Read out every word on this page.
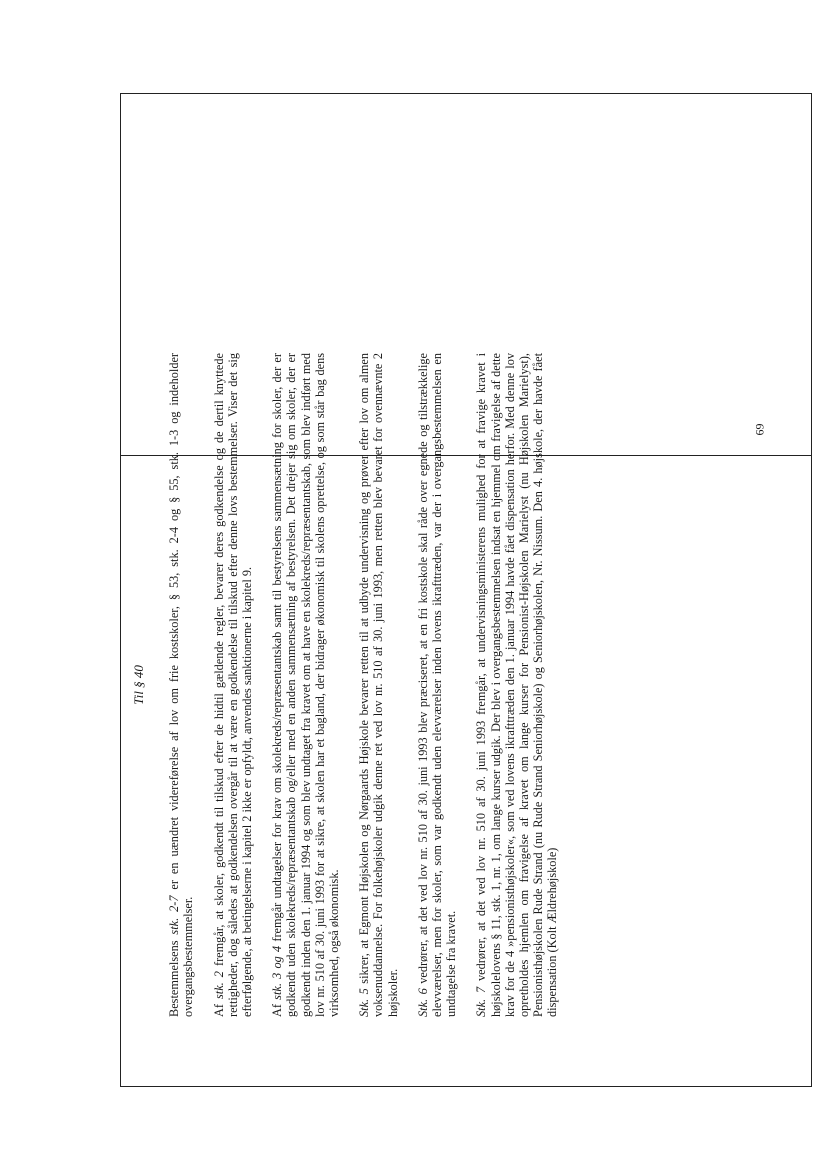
Til § 40
Bestemmelsens stk. 2-7 er en uændret videreførelse af lov om frie kostskoler, § 53, stk. 2-4 og § 55, stk. 1-3 og indeholder overgangsbestemmelser. Af stk. 2 fremgår, at skoler, godkendt til tilskud efter de hidtil gældende regler, bevarer deres godkendelse og de dertil knyttede rettigheder, dog således at godkendelsen overgår til at være en godkendelse til tilskud efter denne lovs bestemmelser. Viser det sig efterfølgende, at betingelserne i kapitel 2 ikke er opfyldt, anvendes sanktionerne i kapitel 9. Af stk. 3 og 4 fremgår undtagelser for krav om skolekreds/repræsentantskab samt til bestyrelsens sammensætning for skoler, der er godkendt uden skolekreds/repræsentantskab og/eller med en anden sammensætning af bestyrelsen. Det drejer sig om skoler, der er godkendt inden den 1. januar 1994 og som blev undtaget fra kravet om at have en skolekreds/repræsentantskab, som blev indført med lov nr. 510 af 30. juni 1993 for at sikre, at skolen har et bagland, der bidrager økonomisk til skolens oprettelse, og som står bag dens virksomhed, også økonomisk. Stk. 5 sikrer, at Egmont Højskolen og Nørgaards Højskole bevarer retten til at udbyde undervisning og prøver efter lov om almen voksenuddannelse. For folkehøjskoler udgik denne ret ved lov nr. 510 af 30. juni 1993, men retten blev bevaret for ovennævnte 2 højskoler. Stk. 6 vedrører, at det ved lov nr. 510 af 30. juni 1993 blev præciseret, at en fri kostskole skal råde over egnede og tilstrækkelige elevværelser, men for skoler, som var godkendt uden elevværelser inden lovens ikrafttræden, var der i overgangsbestemmelsen en undtagelse fra kravet. Stk. 7 vedrører, at det ved lov nr. 510 af 30. juni 1993 fremgår, at undervisningsministerens mulighed for at fravige kravet i højskolelovens § 11, stk. 1, nr. 1, om lange kurser udgik. Der blev i overgangsbestemmelsen indsat en hjemmel om fravigelse af dette krav for de 4 »pensionisthøjskoler«, som ved lovens ikrafttræden den 1. januar 1994 havde fået dispensation herfor. Med denne lov opretholdes hjemlen om fravigelse af kravet om lange kurser for Pensionist-Højskolen Marielyst (nu Højskolen Marielyst), Pensionisthøjskolen Rude Strand (nu Rude Strand Seniorhøjskole) og Seniorhøjskolen, Nr. Nissum. Den 4. højskole, der havde fået dispensation (Kolt Ældrehøjskole)
69
